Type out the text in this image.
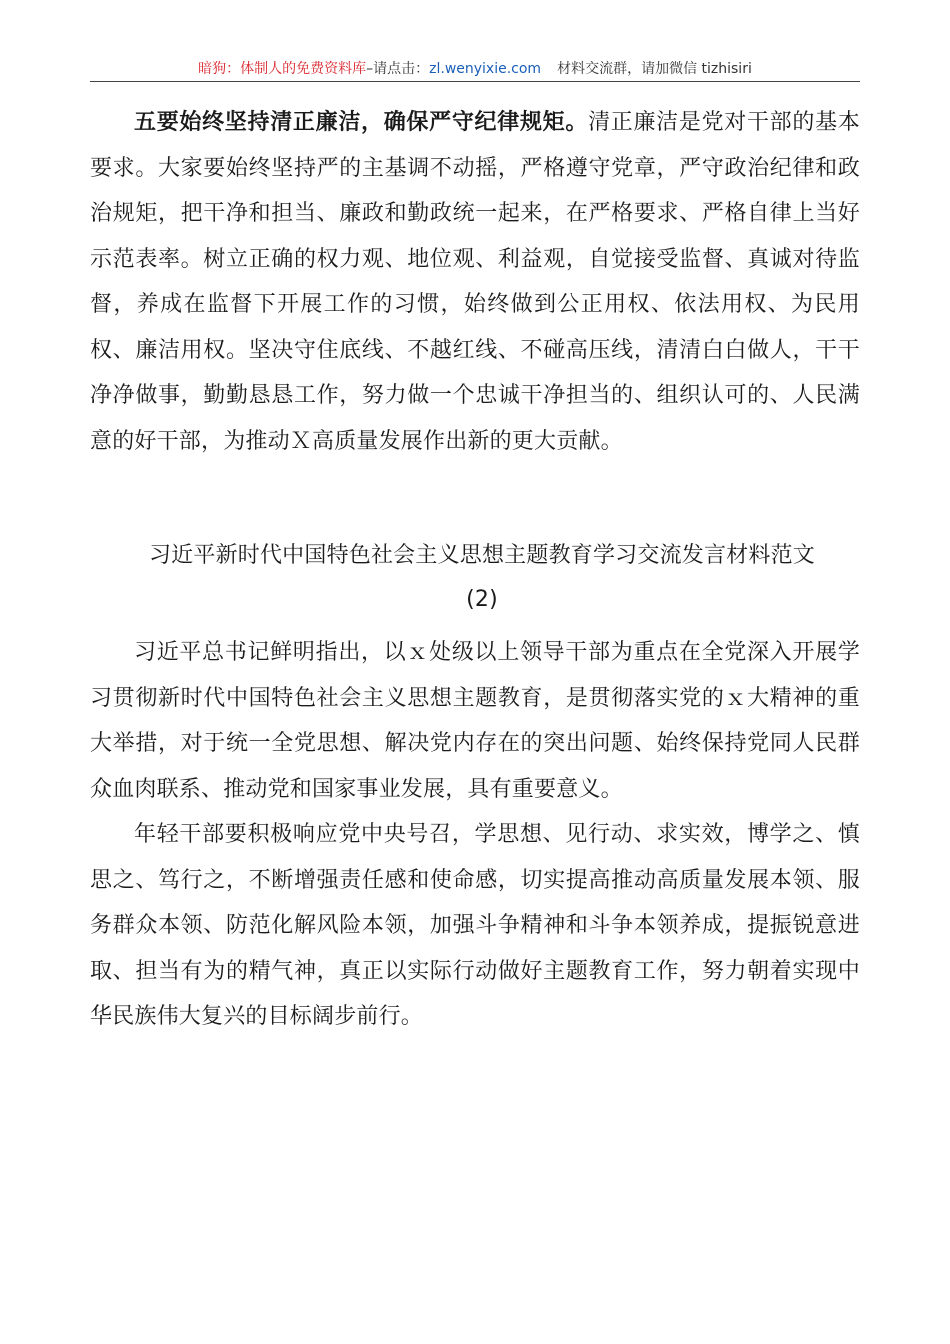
暗狗：体制人的免费资料库–请点击：zl.wenyixie.com 材料交流群，请加微信 tizhisiri

五要始终坚持清正廉洁，确保严守纪律规矩。清正廉洁是党对干部的基本要求。大家要始终坚持严的主基调不动摇，严格遵守党章，严守政治纪律和政治规矩，把干净和担当、廉政和勤政统一起来，在严格要求、严格自律上当好示范表率。树立正确的权力观、地位观、利益观，自觉接受监督、真诚对待监督，养成在监督下开展工作的习惯，始终做到公正用权、依法用权、为民用权、廉洁用权。坚决守住底线、不越红线、不碰高压线，清清白白做人，干干净净做事，勤勤恳恳工作，努力做一个忠诚干净担当的、组织认可的、人民满意的好干部，为推动Ｘ高质量发展作出新的更大贡献。

习近平新时代中国特色社会主义思想主题教育学习交流发言材料范文

(2)

习近平总书记鲜明指出，以ｘ处级以上领导干部为重点在全党深入开展学习贯彻新时代中国特色社会主义思想主题教育，是贯彻落实党的ｘ大精神的重大举措，对于统一全党思想、解决党内存在的突出问题、始终保持党同人民群众血肉联系、推动党和国家事业发展，具有重要意义。

年轻干部要积极响应党中央号召，学思想、见行动、求实效，博学之、慎思之、笃行之，不断增强责任感和使命感，切实提高推动高质量发展本领、服务群众本领、防范化解风险本领，加强斗争精神和斗争本领养成，提振锐意进取、担当有为的精气神，真正以实际行动做好主题教育工作，努力朝着实现中华民族伟大复兴的目标阔步前行。
